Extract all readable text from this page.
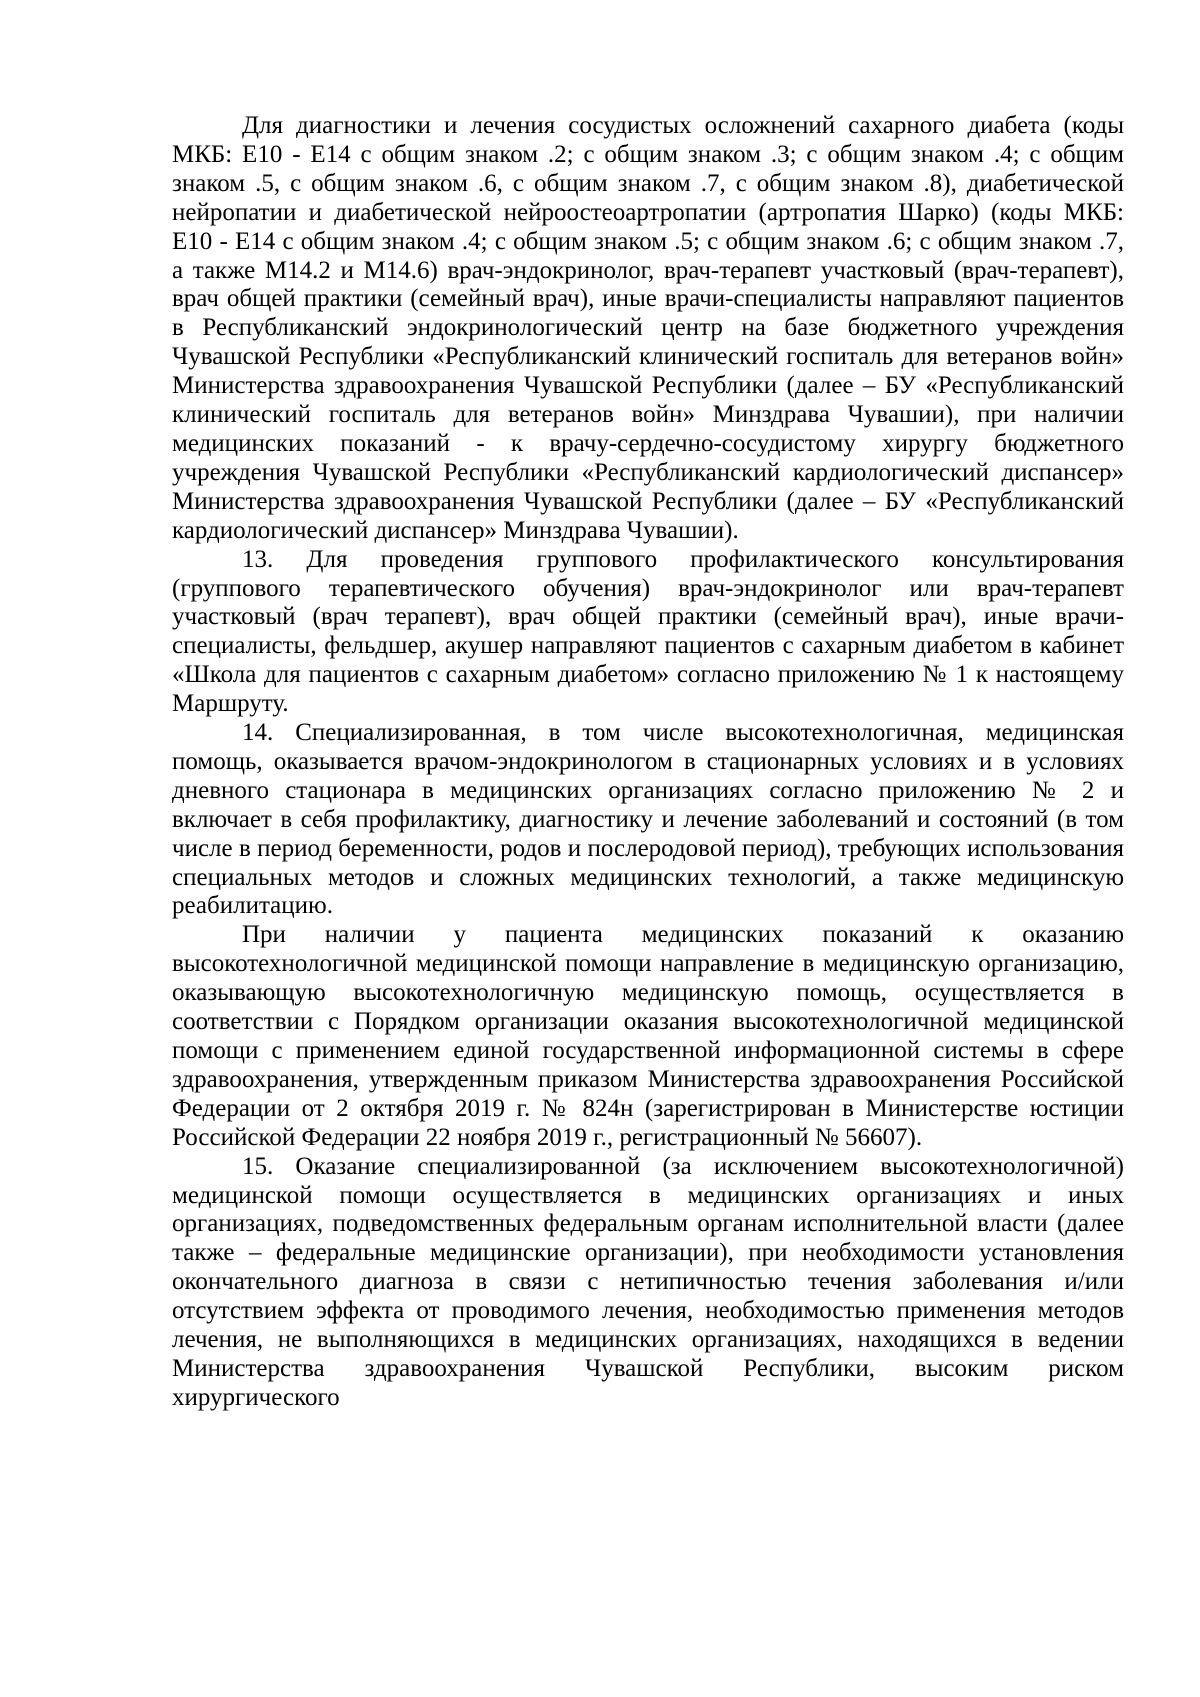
Для диагностики и лечения сосудистых осложнений сахарного диабета (коды МКБ: Е10 - Е14 с общим знаком .2; с общим знаком .3; с общим знаком .4; с общим знаком .5, с общим знаком .6, с общим знаком .7, с общим знаком .8), диабетической нейропатии и диабетической нейроостеоартропатии (артропатия Шарко) (коды МКБ: Е10 - Е14 с общим знаком .4; с общим знаком .5; с общим знаком .6; с общим знаком .7, а также М14.2 и М14.6) врач-эндокринолог, врач-терапевт участковый (врач-терапевт), врач общей практики (семейный врач), иные врачи-специалисты направляют пациентов в Республиканский эндокринологический центр на базе бюджетного учреждения Чувашской Республики «Республиканский клинический госпиталь для ветеранов войн» Министерства здравоохранения Чувашской Республики (далее – БУ «Республиканский клинический госпиталь для ветеранов войн» Минздрава Чувашии), при наличии медицинских показаний - к врачу-сердечно-сосудистому хирургу бюджетного учреждения Чувашской Республики «Республиканский кардиологический диспансер» Министерства здравоохранения Чувашской Республики (далее – БУ «Республиканский кардиологический диспансер» Минздрава Чувашии).

13. Для проведения группового профилактического консультирования (группового терапевтического обучения) врач-эндокринолог или врач-терапевт участковый (врач терапевт), врач общей практики (семейный врач), иные врачи-специалисты, фельдшер, акушер направляют пациентов с сахарным диабетом в кабинет «Школа для пациентов с сахарным диабетом» согласно приложению № 1 к настоящему Маршруту.

14. Специализированная, в том числе высокотехнологичная, медицинская помощь, оказывается врачом-эндокринологом в стационарных условиях и в условиях дневного стационара в медицинских организациях согласно приложению № 2 и включает в себя профилактику, диагностику и лечение заболеваний и состояний (в том числе в период беременности, родов и послеродовой период), требующих использования специальных методов и сложных медицинских технологий, а также медицинскую реабилитацию.

При наличии у пациента медицинских показаний к оказанию высокотехнологичной медицинской помощи направление в медицинскую организацию, оказывающую высокотехнологичную медицинскую помощь, осуществляется в соответствии с Порядком организации оказания высокотехнологичной медицинской помощи с применением единой государственной информационной системы в сфере здравоохранения, утвержденным приказом Министерства здравоохранения Российской Федерации от 2 октября 2019 г. № 824н (зарегистрирован в Министерстве юстиции Российской Федерации 22 ноября 2019 г., регистрационный № 56607).

15. Оказание специализированной (за исключением высокотехнологичной) медицинской помощи осуществляется в медицинских организациях и иных организациях, подведомственных федеральным органам исполнительной власти (далее также – федеральные медицинские организации), при необходимости установления окончательного диагноза в связи с нетипичностью течения заболевания и/или отсутствием эффекта от проводимого лечения, необходимостью применения методов лечения, не выполняющихся в медицинских организациях, находящихся в ведении Министерства здравоохранения Чувашской Республики, высоким риском хирургического
